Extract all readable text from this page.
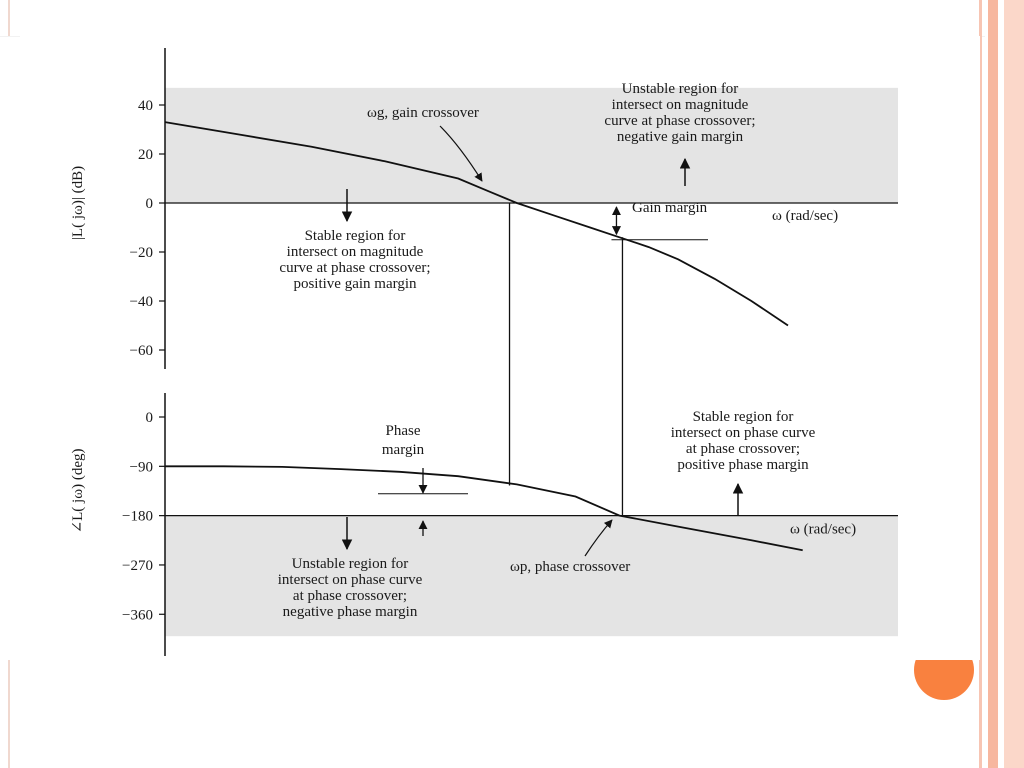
40
20
0
−20
−40
−60
|L( jω)| (dB)	ω (rad/sec)
0
−90
−180
−270
−360
∠L( jω) (deg)	ω (rad/sec)
ωg, gain crossover
Unstable region for intersect on magnitude curve at phase crossover; negative gain margin
Stable region for intersect on magnitude curve at phase crossover; positive gain margin
Gain margin
Phase margin
Stable region for intersect on phase curve at phase crossover; positive phase margin
Unstable region for intersect on phase curve at phase crossover; negative phase margin
ωp, phase crossover
